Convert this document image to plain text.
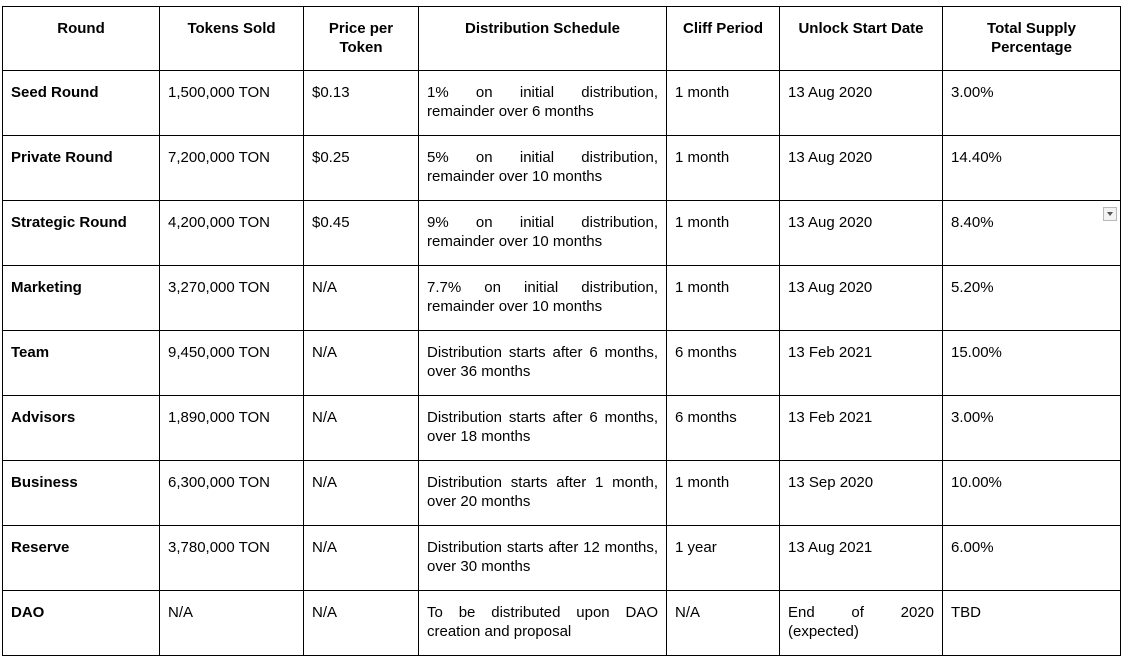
Round	Tokens Sold	Price per Token	Distribution Schedule	Cliff Period	Unlock Start Date	Total Supply Percentage
Seed Round	1,500,000 TON	$0.13	1% on initial distribution, remainder over 6 months	1 month	13 Aug 2020	3.00%
Private Round	7,200,000 TON	$0.25	5% on initial distribution, remainder over 10 months	1 month	13 Aug 2020	14.40%
Strategic Round	4,200,000 TON	$0.45	9% on initial distribution, remainder over 10 months	1 month	13 Aug 2020	8.40%

Marketing	3,270,000 TON	N/A	7.7% on initial distribution, remainder over 10 months	1 month	13 Aug 2020	5.20%
Team	9,450,000 TON	N/A	Distribution starts after 6 months, over 36 months	6 months	13 Feb 2021	15.00%
Advisors	1,890,000 TON	N/A	Distribution starts after 6 months, over 18 months	6 months	13 Feb 2021	3.00%
Business	6,300,000 TON	N/A	Distribution starts after 1 month, over 20 months	1 month	13 Sep 2020	10.00%
Reserve	3,780,000 TON	N/A	Distribution starts after 12 months, over 30 months	1 year	13 Aug 2021	6.00%
DAO	N/A	N/A	To be distributed upon DAO creation and proposal	N/A	End of 2020 (expected)	TBD
